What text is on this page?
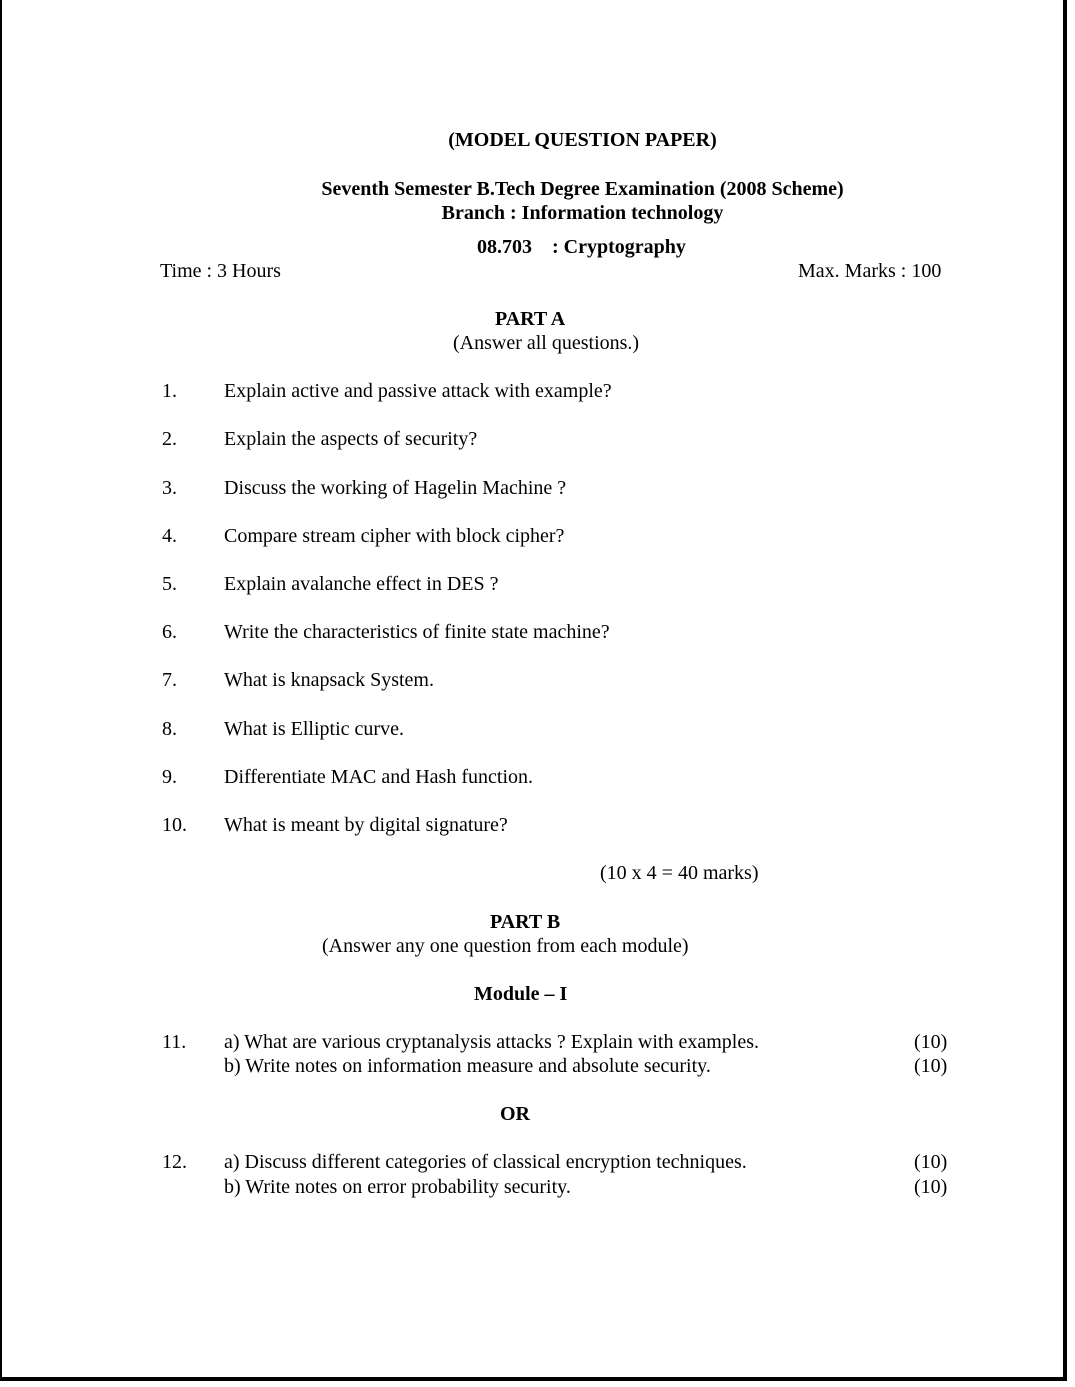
(MODEL QUESTION PAPER)
Seventh Semester B.Tech Degree Examination (2008 Scheme)
Branch : Information technology
08.703 : Cryptography
Time : 3 Hours	Max. Marks : 100
PART A
(Answer all questions.)
1. Explain active and passive attack with example?
2. Explain the aspects of security?
3. Discuss the working of Hagelin Machine ?
4. Compare stream cipher with block cipher?
5. Explain avalanche effect in DES ?
6. Write the characteristics of finite state machine?
7. What is knapsack System.
8. What is Elliptic curve.
9. Differentiate MAC and Hash function.
10. What is meant by digital signature?
(10 x 4 = 40 marks)
PART B
(Answer any one question from each module)
Module – I
11. a) What are various cryptanalysis attacks ? Explain with examples.	(10)
b) Write notes on information measure and absolute security.	(10)
OR
12. a) Discuss different categories of classical encryption techniques.	(10)
b) Write notes on error probability security.	(10)
